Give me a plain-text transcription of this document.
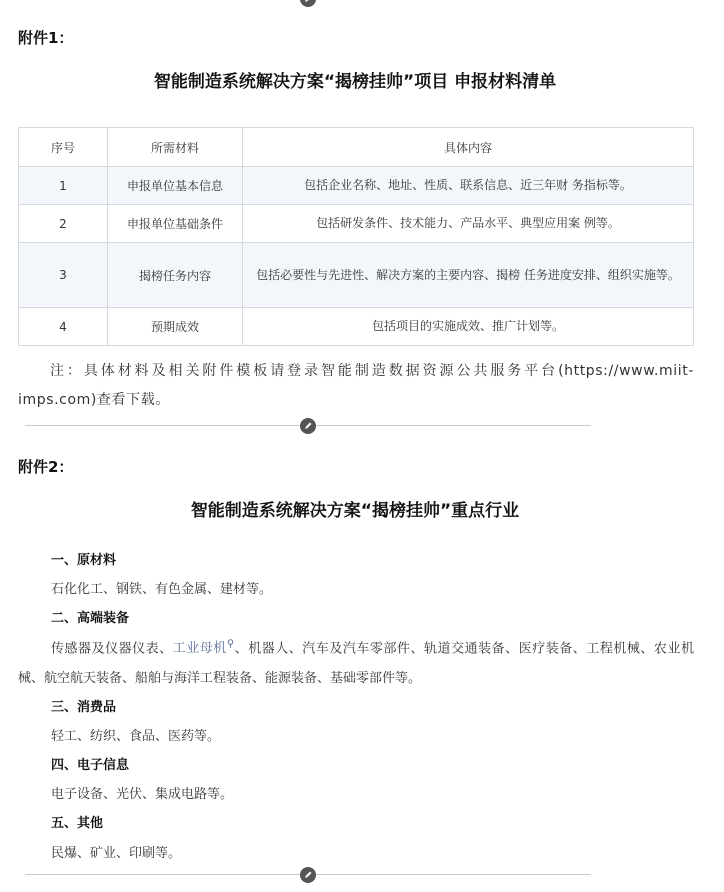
附件1：
智能制造系统解决方案“揭榜挂帅”项目 申报材料清单
序号	所需材料	具体内容
1	申报单位基本信息	包括企业名称、地址、性质、联系信息、近三年财 务指标等。
2	申报单位基础条件	包括研发条件、技术能力、产品水平、典型应用案 例等。
3	揭榜任务内容	包括必要性与先进性、解决方案的主要内容、揭榜 任务进度安排、组织实施等。
4	预期成效	包括项目的实施成效、推广计划等。
注：具体材料及相关附件模板请登录智能制造数据资源公共服务平台(https://www.miit-imps.com)查看下载。
附件2：
智能制造系统解决方案“揭榜挂帅”重点行业
一、原材料
石化化工、钢铁、有色金属、建材等。
二、高端装备
传感器及仪器仪表、工业母机⚲、机器人、汽车及汽车零部件、轨道交通装备、医疗装备、工程机械、农业机械、航空航天装备、船舶与海洋工程装备、能源装备、基础零部件等。
三、消费品
轻工、纺织、食品、医药等。
四、电子信息
电子设备、光伏、集成电路等。
五、其他
民爆、矿业、印刷等。
